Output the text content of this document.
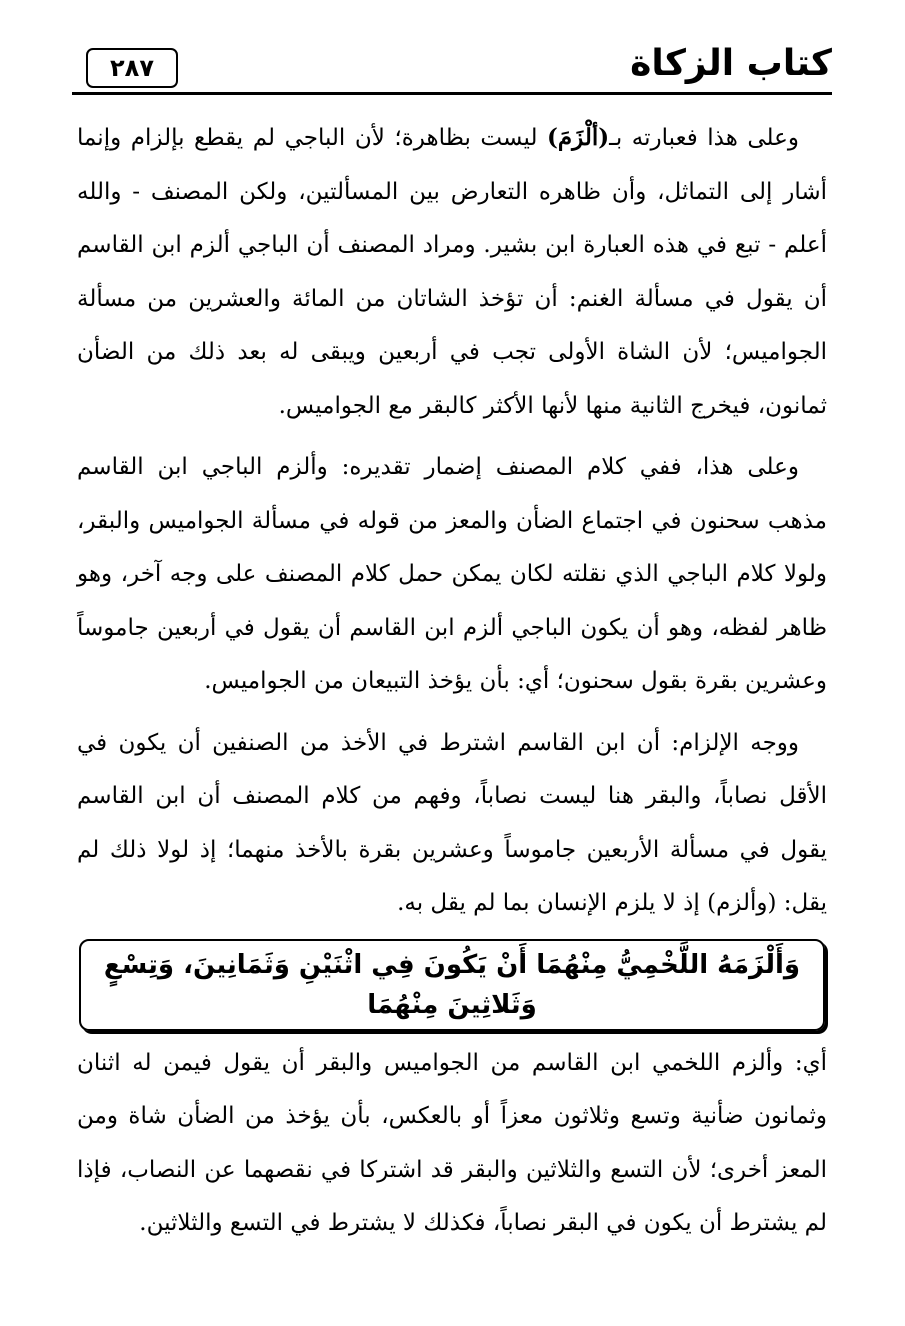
٢٨٧	كتاب الزكاة

وعلى هذا فعبارته بـ(ألْزَمَ) ليست بظاهرة؛ لأن الباجي لم يقطع بإلزام وإنما أشار إلى التماثل، وأن ظاهره التعارض بين المسألتين، ولكن المصنف - والله أعلم - تبع في هذه العبارة ابن بشير. ومراد المصنف أن الباجي ألزم ابن القاسم أن يقول في مسألة الغنم: أن تؤخذ الشاتان من المائة والعشرين من مسألة الجواميس؛ لأن الشاة الأولى تجب في أربعين ويبقى له بعد ذلك من الضأن ثمانون، فيخرج الثانية منها لأنها الأكثر كالبقر مع الجواميس.

وعلى هذا، ففي كلام المصنف إضمار تقديره: وألزم الباجي ابن القاسم مذهب سحنون في اجتماع الضأن والمعز من قوله في مسألة الجواميس والبقر، ولولا كلام الباجي الذي نقلته لكان يمكن حمل كلام المصنف على وجه آخر، وهو ظاهر لفظه، وهو أن يكون الباجي ألزم ابن القاسم أن يقول في أربعين جاموساً وعشرين بقرة بقول سحنون؛ أي: بأن يؤخذ التبيعان من الجواميس.

ووجه الإلزام: أن ابن القاسم اشترط في الأخذ من الصنفين أن يكون في الأقل نصاباً، والبقر هنا ليست نصاباً، وفهم من كلام المصنف أن ابن القاسم يقول في مسألة الأربعين جاموساً وعشرين بقرة بالأخذ منهما؛ إذ لولا ذلك لم يقل: (وألزم) إذ لا يلزم الإنسان بما لم يقل به.

وَأَلْزَمَهُ اللَّخْمِيُّ مِنْهُمَا أَنْ يَكُونَ فِي اثْنَيْنِ وَثَمَانِينَ، وَتِسْعٍ وَثَلاثِينَ مِنْهُمَا

أي: وألزم اللخمي ابن القاسم من الجواميس والبقر أن يقول فيمن له اثنان وثمانون ضأنية وتسع وثلاثون معزاً أو بالعكس، بأن يؤخذ من الضأن شاة ومن المعز أخرى؛ لأن التسع والثلاثين والبقر قد اشتركا في نقصهما عن النصاب، فإذا لم يشترط أن يكون في البقر نصاباً، فكذلك لا يشترط في التسع والثلاثين.
